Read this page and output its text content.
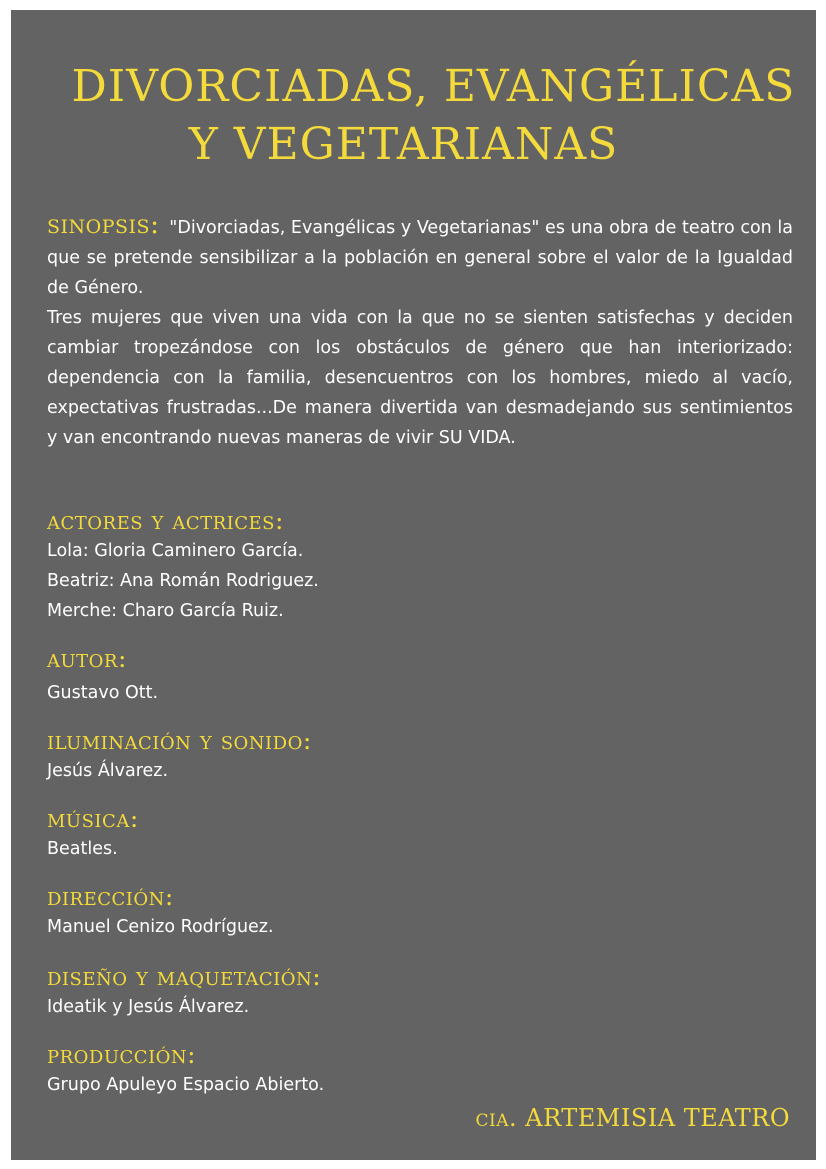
DIVORCIADAS, EVANGÉLICAS
Y VEGETARIANAS

sinopsis: "Divorciadas, Evangélicas y Vegetarianas" es una obra de teatro con la que se pretende sensibilizar a la población en general sobre el valor de la Igualdad de Género.

Tres mujeres que viven una vida con la que no se sienten satisfechas y deciden cambiar tropezándose con los obstáculos de género que han interiorizado: dependencia con la familia, desencuentros con los hombres, miedo al vacío, expectativas frustradas...De manera divertida van desmadejando sus sentimientos y van encontrando nuevas maneras de vivir SU VIDA.

actores y actrices:
Lola: Gloria Caminero García.
Beatriz: Ana Román Rodriguez.
Merche: Charo García Ruiz.
autor:
Gustavo Ott.
iluminación y sonido:
Jesús Álvarez.
música:
Beatles.
dirección:
Manuel Cenizo Rodríguez.
diseño y maquetación:
Ideatik y Jesús Álvarez.
producción:
Grupo Apuleyo Espacio Abierto.
cia. ARTEMISIA TEATRO
